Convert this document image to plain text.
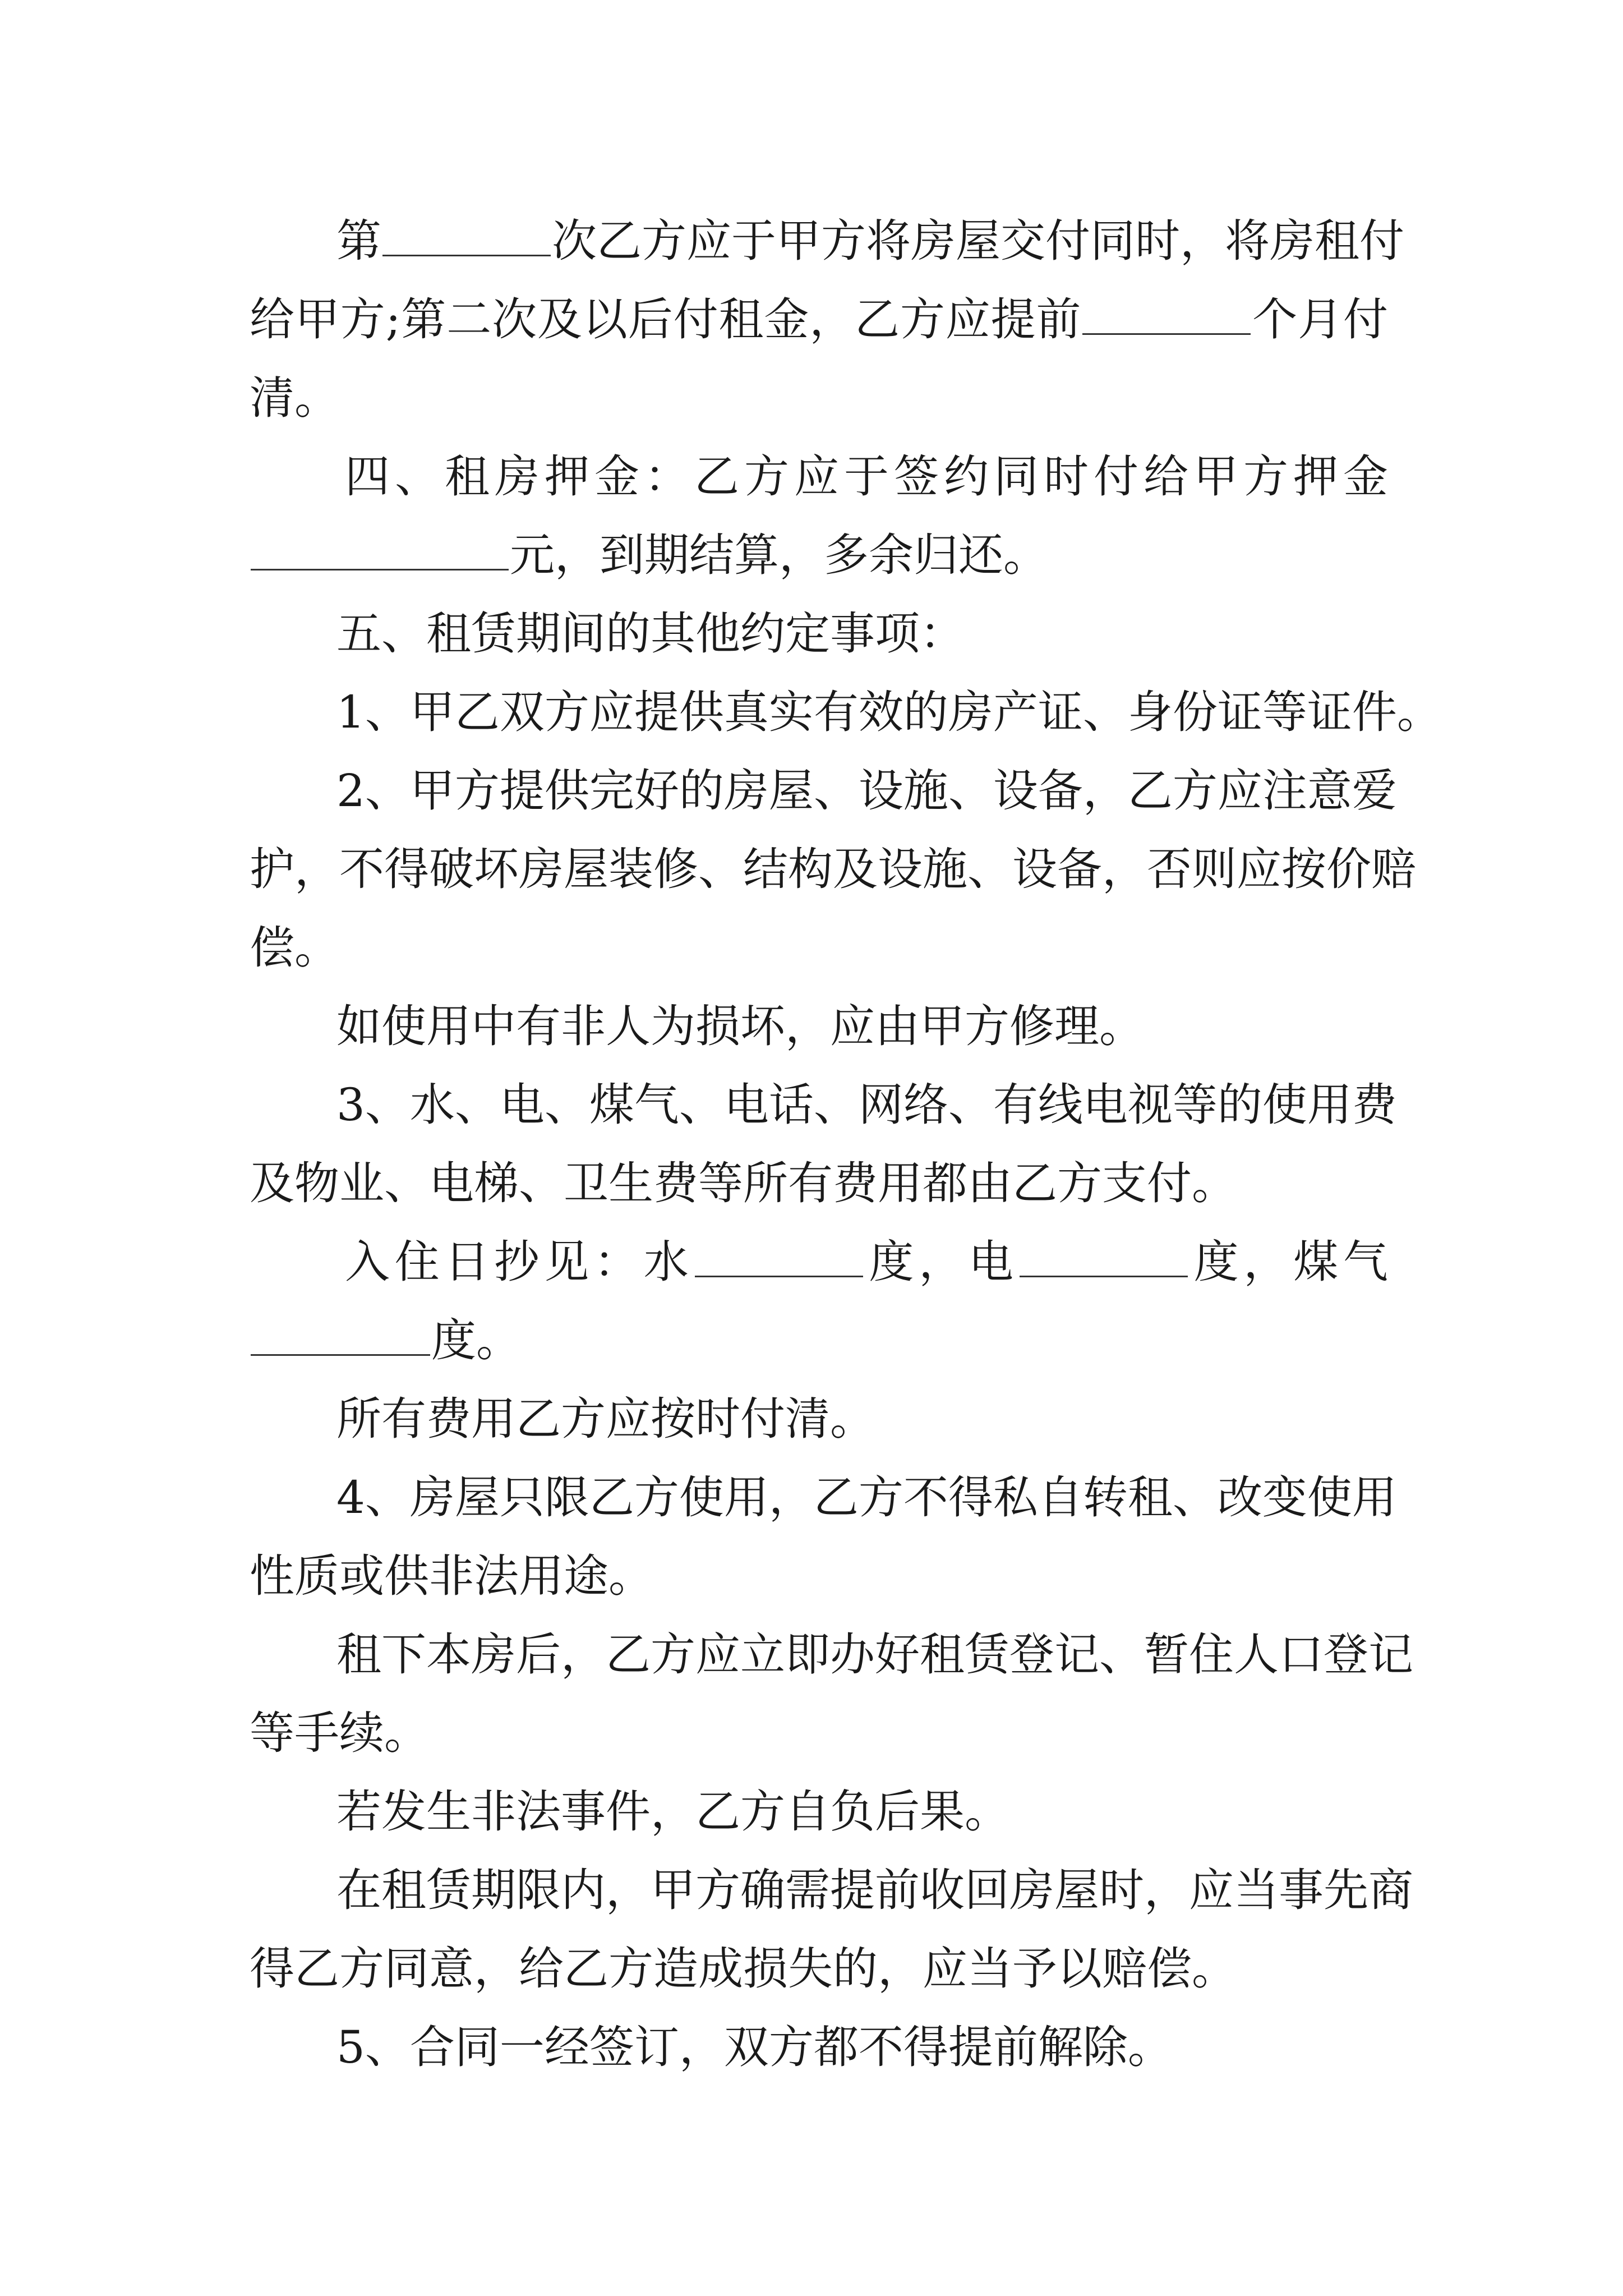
第	次乙方应于甲方将房屋交付同时，将房租付
给甲方;第二次及以后付租金，乙方应提前	个月付
清。
四、租房押金：乙方应于签约同时付给甲方押金
元，到期结算，多余归还。
五、租赁期间的其他约定事项：
1、甲乙双方应提供真实有效的房产证、身份证等证件。
2、甲方提供完好的房屋、设施、设备，乙方应注意爱
护，不得破坏房屋装修、结构及设施、设备，否则应按价赔
偿。
如使用中有非人为损坏，应由甲方修理。
3、水、电、煤气、电话、网络、有线电视等的使用费
及物业、电梯、卫生费等所有费用都由乙方支付。
入住日抄见：水	度，电	度，煤气
度。
所有费用乙方应按时付清。
4、房屋只限乙方使用，乙方不得私自转租、改变使用
性质或供非法用途。
租下本房后，乙方应立即办好租赁登记、暂住人口登记
等手续。
若发生非法事件，乙方自负后果。
在租赁期限内，甲方确需提前收回房屋时，应当事先商
得乙方同意，给乙方造成损失的，应当予以赔偿。
5、合同一经签订，双方都不得提前解除。
